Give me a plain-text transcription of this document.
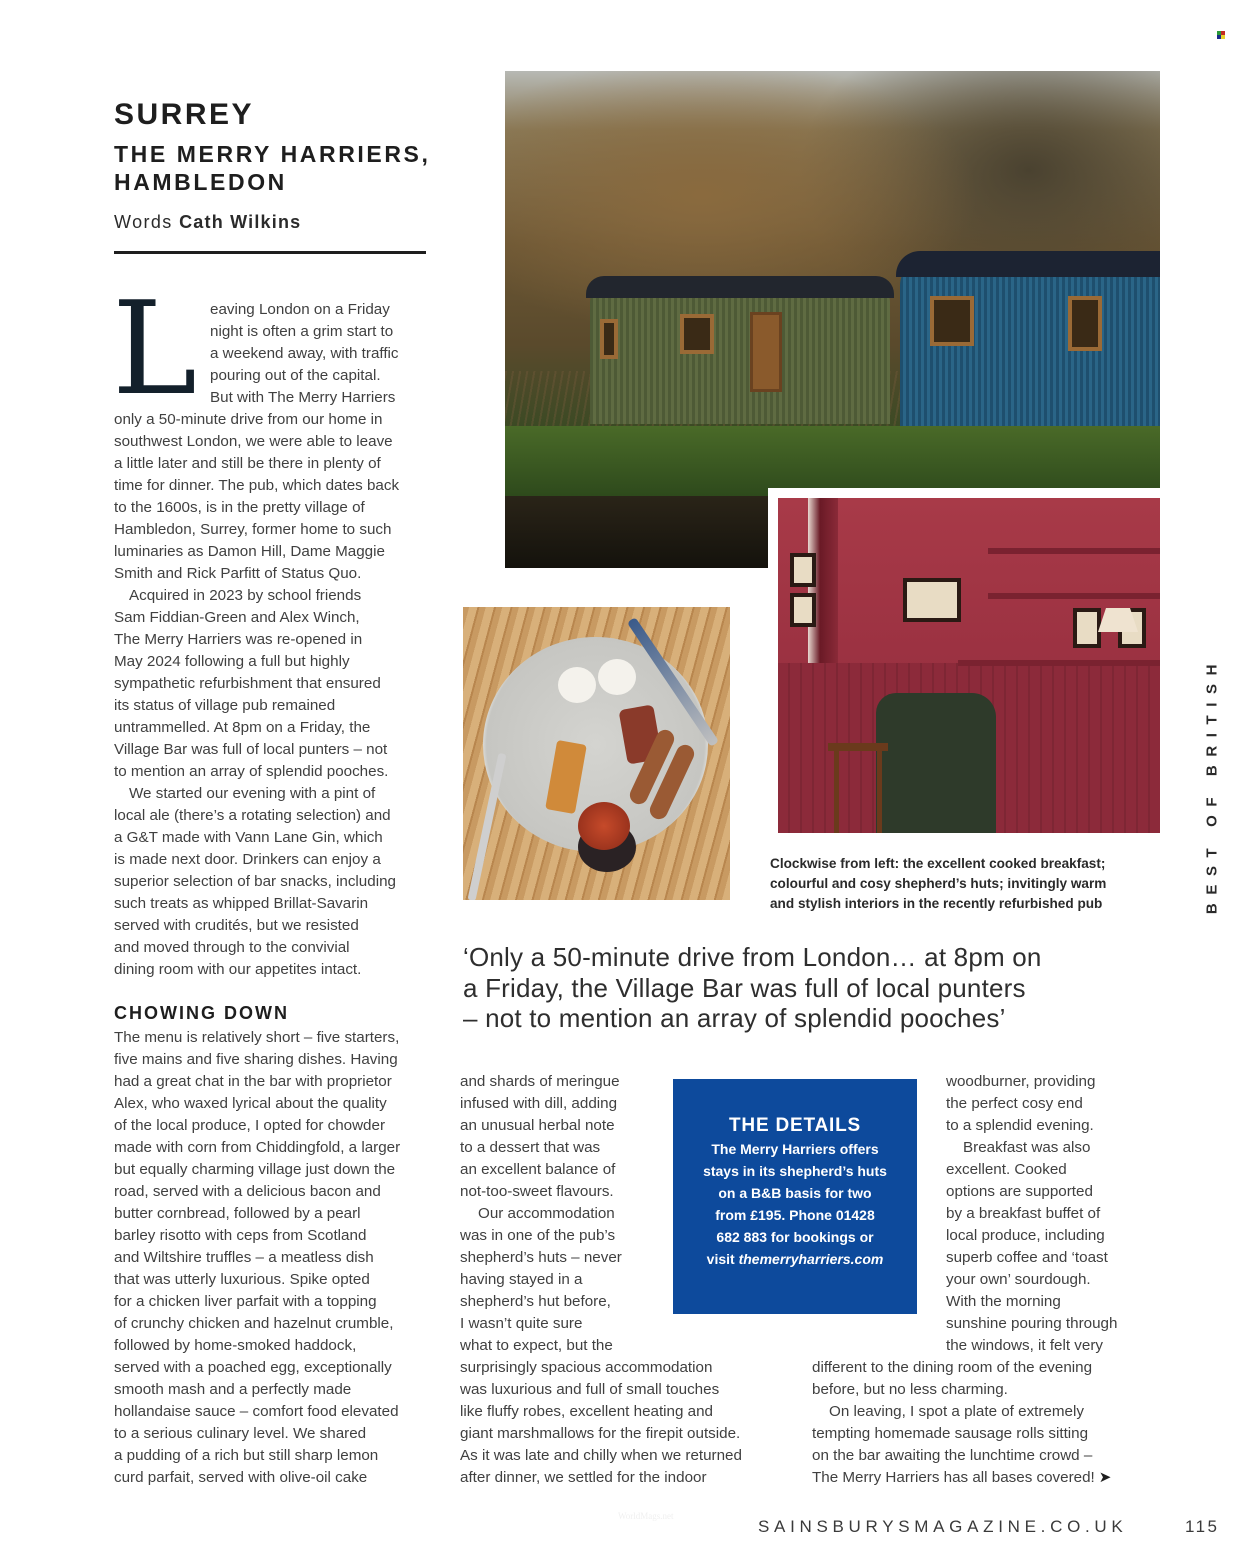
SURREY
THE MERRY HARRIERS,
HAMBLEDON
Words Cath Wilkins
L eaving London on a Friday
night is often a grim start to
a weekend away, with traffic
pouring out of the capital.
But with The Merry Harriers
only a 50-minute drive from our home in
southwest London, we were able to leave
a little later and still be there in plenty of
time for dinner. The pub, which dates back
to the 1600s, is in the pretty village of
Hambledon, Surrey, former home to such
luminaries as Damon Hill, Dame Maggie
Smith and Rick Parfitt of Status Quo.
Acquired in 2023 by school friends
Sam Fiddian-Green and Alex Winch,
The Merry Harriers was re-opened in
May 2024 following a full but highly
sympathetic refurbishment that ensured
its status of village pub remained
untrammelled. At 8pm on a Friday, the
Village Bar was full of local punters – not
to mention an array of splendid pooches.
We started our evening with a pint of
local ale (there’s a rotating selection) and
a G&T made with Vann Lane Gin, which
is made next door. Drinkers can enjoy a
superior selection of bar snacks, including
such treats as whipped Brillat-Savarin
served with crudités, but we resisted
and moved through to the convivial
dining room with our appetites intact.
CHOWING DOWN
The menu is relatively short – five starters,
five mains and five sharing dishes. Having
had a great chat in the bar with proprietor
Alex, who waxed lyrical about the quality
of the local produce, I opted for chowder
made with corn from Chiddingfold, a larger
but equally charming village just down the
road, served with a delicious bacon and
butter cornbread, followed by a pearl
barley risotto with ceps from Scotland
and Wiltshire truffles – a meatless dish
that was utterly luxurious. Spike opted
for a chicken liver parfait with a topping
of crunchy chicken and hazelnut crumble,
followed by home-smoked haddock,
served with a poached egg, exceptionally
smooth mash and a perfectly made
hollandaise sauce – comfort food elevated
to a serious culinary level. We shared
a pudding of a rich but still sharp lemon
curd parfait, served with olive-oil cake
Clockwise from left: the excellent cooked breakfast;
colourful and cosy shepherd’s huts; invitingly warm
and stylish interiors in the recently refurbished pub	BEST OF BRITISH
‘Only a 50-minute drive from London… at 8pm on
a Friday, the Village Bar was full of local punters
– not to mention an array of splendid pooches’
and shards of meringue
infused with dill, adding
an unusual herbal note
to a dessert that was
an excellent balance of
not-too-sweet flavours.
Our accommodation
was in one of the pub’s
shepherd’s huts – never
having stayed in a
shepherd’s hut before,
I wasn’t quite sure
what to expect, but the
surprisingly spacious accommodation
was luxurious and full of small touches
like fluffy robes, excellent heating and
giant marshmallows for the firepit outside.
As it was late and chilly when we returned
after dinner, we settled for the indoor
THE DETAILS
The Merry Harriers offers
stays in its shepherd’s huts
on a B&B basis for two
from £195. Phone 01428
682 883 for bookings or
visit themerryharriers.com
woodburner, providing
the perfect cosy end
to a splendid evening.
Breakfast was also
excellent. Cooked
options are supported
by a breakfast buffet of
local produce, including
superb coffee and ‘toast
your own’ sourdough.
With the morning
sunshine pouring through
the windows, it felt very
different to the dining room of the evening
before, but no less charming.
On leaving, I spot a plate of extremely
tempting homemade sausage rolls sitting
on the bar awaiting the lunchtime crowd –
The Merry Harriers has all bases covered! ➤
WorldMags.net
SAINSBURYSMAGAZINE.CO.UK	115
